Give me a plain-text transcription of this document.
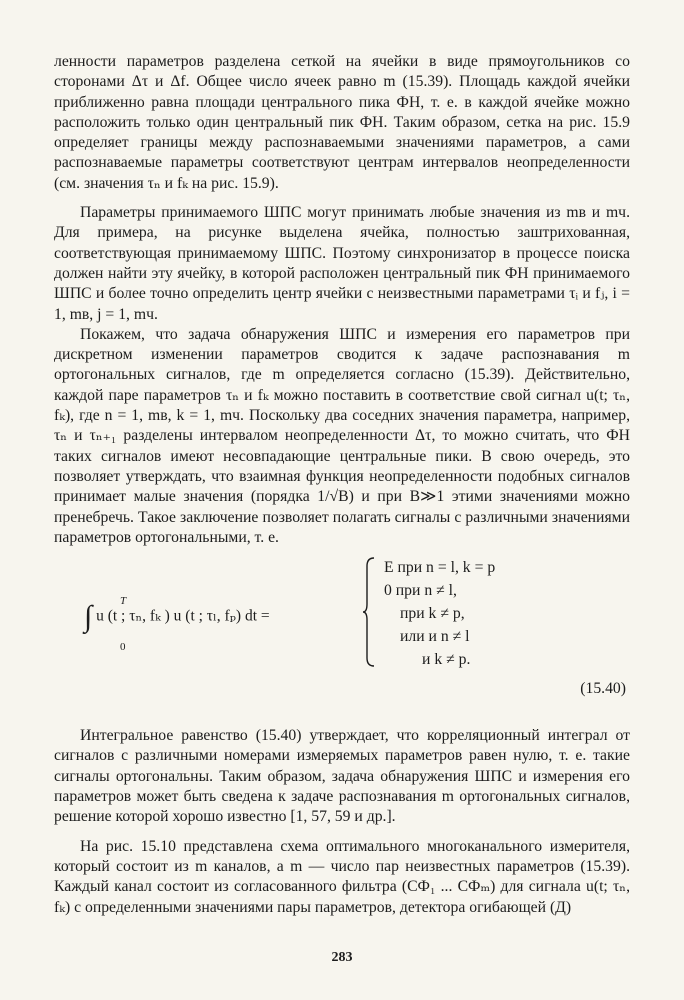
ленности параметров разделена сеткой на ячейки в виде прямоугольников со сторонами Δτ и Δf. Общее число ячеек равно m (15.39). Площадь каждой ячейки приближенно равна площади центрального пика ФН, т. е. в каждой ячейке можно расположить только один центральный пик ФН. Таким образом, сетка на рис. 15.9 определяет границы между распознаваемыми значениями параметров, а сами распознаваемые параметры соответствуют центрам интервалов неопределенности (см. значения τₙ и fₖ на рис. 15.9).

Параметры принимаемого ШПС могут принимать любые значения из mв и mч. Для примера, на рисунке выделена ячейка, полностью заштрихованная, соответствующая принимаемому ШПС. Поэтому синхронизатор в процессе поиска должен найти эту ячейку, в которой расположен центральный пик ФН принимаемого ШПС и более точно определить центр ячейки с неизвестными параметрами τᵢ и fⱼ, i = 1, mв, j = 1, mч.

Покажем, что задача обнаружения ШПС и измерения его параметров при дискретном изменении параметров сводится к задаче распознавания m ортогональных сигналов, где m определяется согласно (15.39). Действительно, каждой паре параметров τₙ и fₖ можно поставить в соответствие свой сигнал u(t; τₙ, fₖ), где n = 1, mв, k = 1, mч. Поскольку два соседних значения параметра, например, τₙ и τₙ₊₁ разделены интервалом неопределенности Δτ, то можно считать, что ФН таких сигналов имеют несовпадающие центральные пики. В свою очередь, это позволяет утверждать, что взаимная функция неопределенности подобных сигналов принимает малые значения (порядка 1/√B) и при B≫1 этими значениями можно пренебречь. Такое заключение позволяет полагать сигналы с различными значениями параметров ортогональными, т. е.

∫	T
0
u (t ; τₙ, fₖ ) u (t ; τₗ, fₚ) dt =
E при n = l, k = p
0 при n ≠ l,
при k ≠ p,
или и n ≠ l
и k ≠ p.
(15.40)

Интегральное равенство (15.40) утверждает, что корреляционный интеграл от сигналов с различными номерами измеряемых параметров равен нулю, т. е. такие сигналы ортогональны. Таким образом, задача обнаружения ШПС и измерения его параметров может быть сведена к задаче распознавания m ортогональных сигналов, решение которой хорошо известно [1, 57, 59 и др.].

На рис. 15.10 представлена схема оптимального многоканального измерителя, который состоит из m каналов, а m — число пар неизвестных параметров (15.39). Каждый канал состоит из согласованного фильтра (СФ₁ ... СФₘ) для сигнала u(t; τₙ, fₖ) с определенными значениями пары параметров, детектора огибающей (Д)

283
